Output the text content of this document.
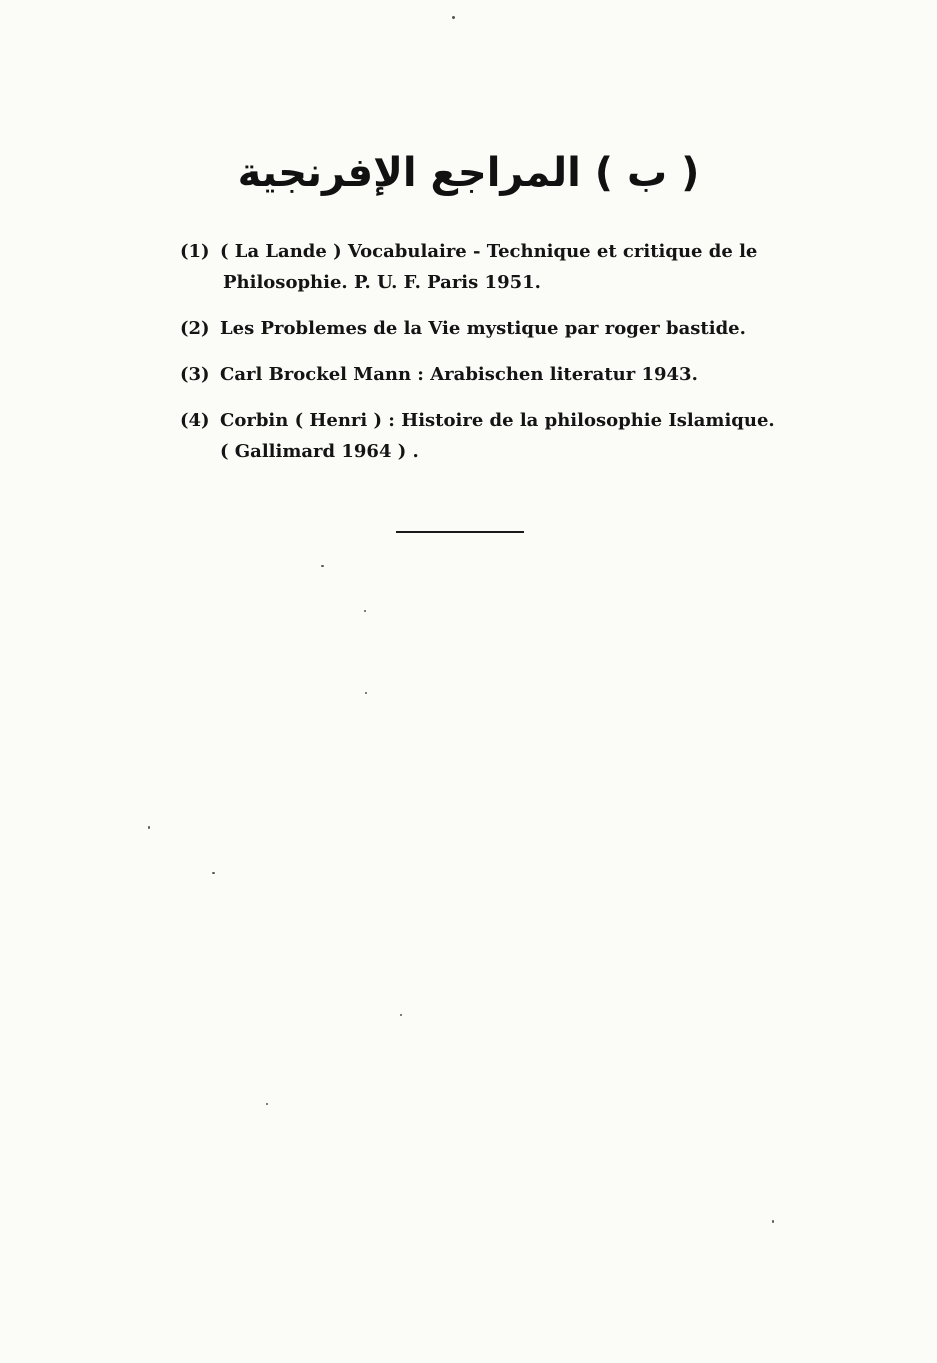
( ب ) المراجع الإفرنجية
(1) ( La Lande ) Vocabulaire - Technique et critique de le
Philosophie. P. U. F. Paris 1951.
(2) Les Problemes de la Vie mystique par roger bastide.
(3) Carl Brockel Mann : Arabischen literatur 1943.
(4) Corbin ( Henri ) : Histoire de la philosophie Islamique.
( Gallimard 1964 ) .
